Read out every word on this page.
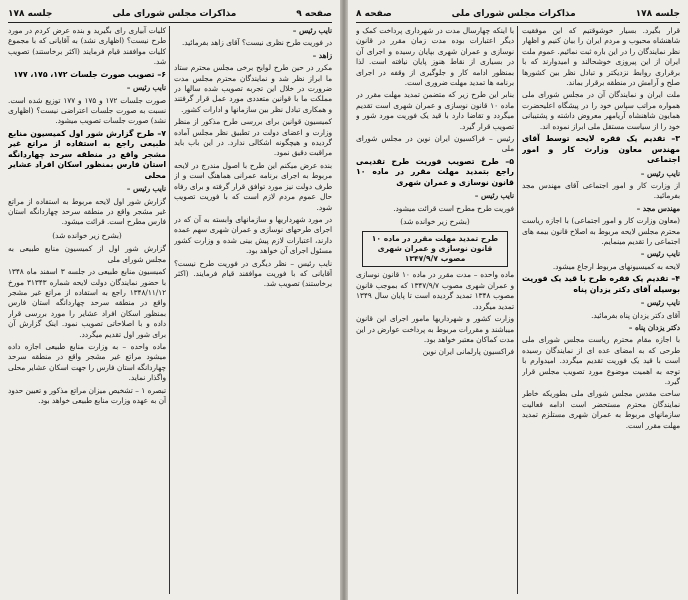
صفحه ۹
مذاکرات مجلس شورای ملی
جلسه ۱۷۸

نایب رئیس –

در فوریت طرح نظری نیست؟ آقای زاهد بفرمائید.

زاهد –

مکرر در حین طرح لوایح برخی مجلس محترم ستاد ما ابراز نظر شد و نمایندگان محترم مجلس مدت ضرورت در خلال این تجربه تصویب شده سالها در مملکت ما با قوانین متعددی مورد عمل قرار گرفتند و همکاری تبادل نظر بین سازمانها و ادارات کشور.
کمیسیون قوانین برای بررسی طرح مذکور از منظر وزارت و اعضای دولت در تطبیق نظر مجلس آماده گردیده و هیچگونه اشکالی ندارد. در این باب باید مراقبت دقیق نمود.
بنده عرض میکنم این طرح با اصول مندرج در لایحه مربوط به اجرای برنامه عمرانی هماهنگ است و از طرف دولت نیز مورد توافق قرار گرفته و برای رفاه حال عموم مردم لازم است که با فوریت تصویب شود.
در مورد شهرداریها و سازمانهای وابسته به آن که در اجرای طرحهای نوسازی و عمران شهری سهم عمده دارند، اعتبارات لازم پیش بینی شده و وزارت کشور مسئول اجرای آن خواهد بود.
نایب رئیس – نظر دیگری در فوریت طرح نیست؟ آقایانی که با فوریت موافقند قیام فرمایند. (اکثر برخاستند) تصویب شد.
کلیات آبیاری رای بگیرید و بنده عرض کردم در مورد طرح نیست؟ (اظهاری نشد) به آقایانی که با مجموع کلیات موافقند قیام فرمایند (اکثر برخاستند) تصویب شد.
۶– تصویب صورت جلسات ۱۷۲، ۱۷۵، ۱۷۷

نایب رئیس –

صورت جلسات ۱۷۲ و ۱۷۵ و ۱۷۷ توزیع شده است. نسبت به صورت جلسات اعتراضی نیست؟ (اظهاری نشد) صورت جلسات تصویب میشود.
۷– طرح گزارش شور اول کمیسیون منابع طبیعی راجع به استفاده از مراتع غیر مشجر واقع در منطقه سرحد چهاردانگه استان فارس بمنظور اسکان افراد عشایر محلی

نایب رئیس –

گزارش شور اول لایحه مربوط به استفاده از مراتع غیر مشجر واقع در منطقه سرحد چهاردانگه استان فارس مطرح است. قرائت میشود.
(بشرح زیر خوانده شد)
گزارش شور اول از کمیسیون منابع طبیعی به مجلس شورای ملی
کمیسیون منابع طبیعی در جلسه ۳ اسفند ماه ۱۳۴۸ با حضور نمایندگان دولت لایحه شماره ۳۱۳۴۳ مورخ ۱۳۴۸/۱۱/۱۲ راجع به استفاده از مراتع غیر مشجر واقع در منطقه سرحد چهاردانگه استان فارس بمنظور اسکان افراد عشایر را مورد بررسی قرار داده و با اصلاحاتی تصویب نمود. اینک گزارش آن برای شور اول تقدیم میگردد.
ماده واحده – به وزارت منابع طبیعی اجازه داده میشود مراتع غیر مشجر واقع در منطقه سرحد چهاردانگه استان فارس را جهت اسکان عشایر محلی واگذار نماید.
تبصره ۱ – تشخیص میزان مراتع مذکور و تعیین حدود آن به عهده وزارت منابع طبیعی خواهد بود.
جلسه ۱۷۸
مذاکرات مجلس شورای ملی
صفحه ۸
قرار بگیرد. بسیار خوشوقتیم که این موفقیت شاهنشاه محبوب و مردم ایران را بیان کنیم و اظهار نظر نمایندگان را در این باره ثبت نمائیم. عموم ملت ایران از این پیروزی خوشحالند و امیدوارند که با برقراری روابط نزدیکتر و تبادل نظر بین کشورها صلح و آرامش در منطقه برقرار بماند.
ملت ایران و نمایندگان آن در مجلس شورای ملی همواره مراتب سپاس خود را در پیشگاه اعلیحضرت همایون شاهنشاه آریامهر معروض داشته و پشتیبانی خود را از سیاست مستقل ملی ابراز نموده اند.
۳– تقدیم یک فقره لایحه توسط آقای مهندس معاون وزارت کار و امور اجتماعی

نایب رئیس –

از وزارت کار و امور اجتماعی آقای مهندس مجد بفرمائید.

مهندس مجد –

(معاون وزارت کار و امور اجتماعی) با اجازه ریاست محترم مجلس لایحه مربوط به اصلاح قانون بیمه های اجتماعی را تقدیم مینمایم.

نایب رئیس –

لایحه به کمیسیونهای مربوط ارجاع میشود.
۴– تقدیم یک فقره طرح با قید یک فوریت بوسیله آقای دکتر یزدان پناه

نایب رئیس –

آقای دکتر یزدان پناه بفرمائید.

دکتر یزدان پناه –

با اجازه مقام محترم ریاست مجلس شورای ملی طرحی که به امضای عده ای از نمایندگان رسیده است با قید یک فوریت تقدیم میگردد. امیدوارم با توجه به اهمیت موضوع مورد تصویب مجلس قرار گیرد.
ساحت مقدس مجلس شورای ملی بطوریکه خاطر نمایندگان محترم مستحضر است ادامه فعالیت سازمانهای مربوط به عمران شهری مستلزم تمدید مهلت مقرر است.
با اینکه چهارسال مدت در شهرداری پرداخت کمک و دیگر اعتبارات بوده مدت زمان مقرر در قانون نوسازی و عمران شهری بپایان رسیده و اجرای آن در بسیاری از نقاط هنوز پایان نیافته است. لذا بمنظور ادامه کار و جلوگیری از وقفه در اجرای برنامه ها تمدید مهلت ضروری است.
بنابر این طرح زیر که متضمن تمدید مهلت مقرر در ماده ۱۰ قانون نوسازی و عمران شهری است تقدیم میگردد و تقاضا دارد با قید یک فوریت مورد شور و تصویب قرار گیرد.
رئیس – فراکسیون ایران نوین در مجلس شورای ملی
۵– طرح تصویب فوریت طرح تقدیمی راجع بتمدید مهلت مقرر در ماده ۱۰ قانون نوسازی و عمران شهری

نایب رئیس –

فوریت طرح مطرح است قرائت میشود.
(بشرح زیر خوانده شد)
طرح تمدید مهلت مقرر در ماده ۱۰ قانون نوسازی و عمران شهری مصوب ۱۳۴۷/۹/۷
ماده واحده – مدت مقرر در ماده ۱۰ قانون نوسازی و عمران شهری مصوب ۱۳۴۷/۹/۷ که بموجب قانون مصوب ۱۳۴۸ تمدید گردیده است تا پایان سال ۱۳۴۹ تمدید میگردد.
وزارت کشور و شهرداریها مامور اجرای این قانون میباشند و مقررات مربوط به پرداخت عوارض در این مدت کماکان معتبر خواهد بود.
فراکسیون پارلمانی ایران نوین
